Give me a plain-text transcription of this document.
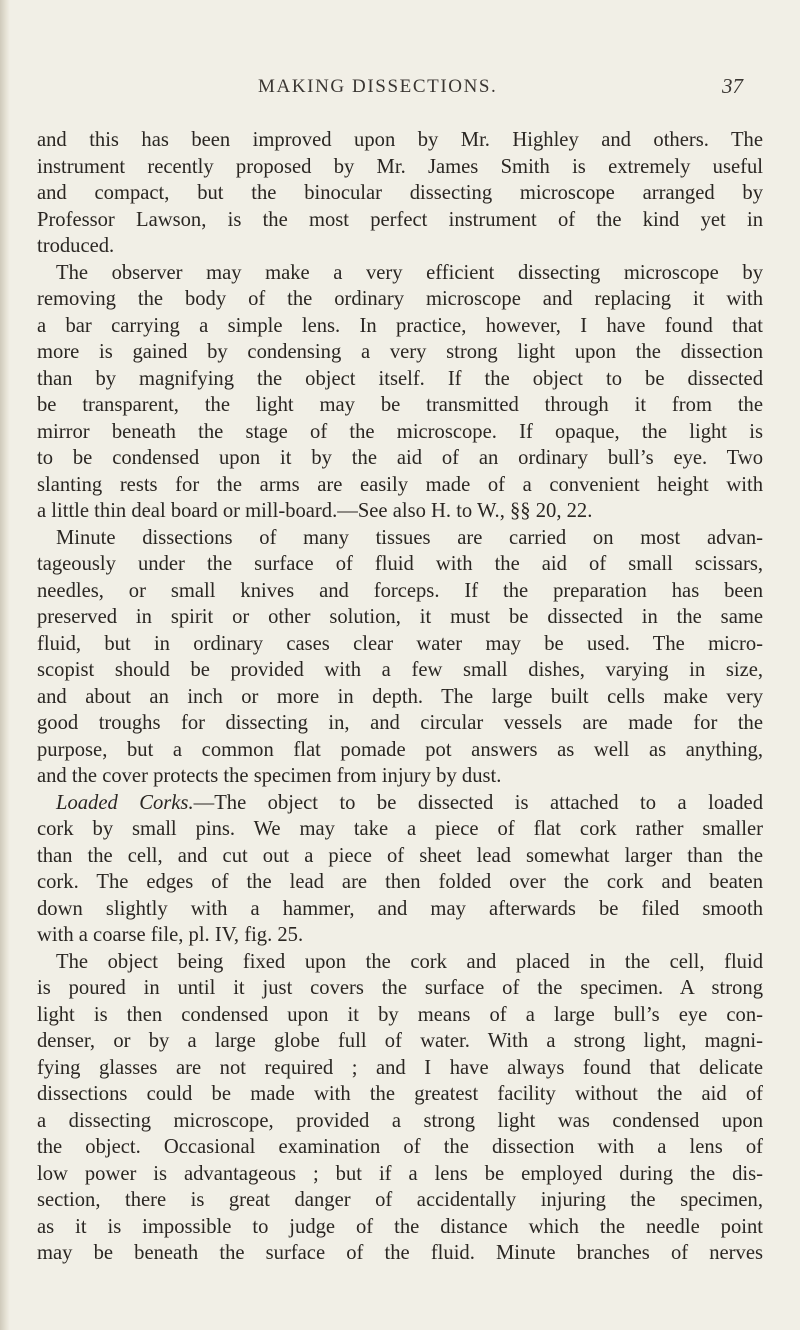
MAKING DISSECTIONS.	37
and this has been improved upon by Mr. Highley and others. The
instrument recently proposed by Mr. James Smith is extremely useful
and compact, but the binocular dissecting microscope arranged by
Professor Lawson, is the most perfect instrument of the kind yet in
troduced.
The observer may make a very efficient dissecting microscope by
removing the body of the ordinary microscope and replacing it with
a bar carrying a simple lens. In practice, however, I have found that
more is gained by condensing a very strong light upon the dissection
than by magnifying the object itself. If the object to be dissected
be transparent, the light may be transmitted through it from the
mirror beneath the stage of the microscope. If opaque, the light is
to be condensed upon it by the aid of an ordinary bull’s eye. Two
slanting rests for the arms are easily made of a convenient height with
a little thin deal board or mill-board.—See also H. to W., §§ 20, 22.
Minute dissections of many tissues are carried on most advan-
tageously under the surface of fluid with the aid of small scissars,
needles, or small knives and forceps. If the preparation has been
preserved in spirit or other solution, it must be dissected in the same
fluid, but in ordinary cases clear water may be used. The micro-
scopist should be provided with a few small dishes, varying in size,
and about an inch or more in depth. The large built cells make very
good troughs for dissecting in, and circular vessels are made for the
purpose, but a common flat pomade pot answers as well as anything,
and the cover protects the specimen from injury by dust.
Loaded Corks.—The object to be dissected is attached to a loaded
cork by small pins. We may take a piece of flat cork rather smaller
than the cell, and cut out a piece of sheet lead somewhat larger than the
cork. The edges of the lead are then folded over the cork and beaten
down slightly with a hammer, and may afterwards be filed smooth
with a coarse file, pl. IV, fig. 25.
The object being fixed upon the cork and placed in the cell, fluid
is poured in until it just covers the surface of the specimen. A strong
light is then condensed upon it by means of a large bull’s eye con-
denser, or by a large globe full of water. With a strong light, magni-
fying glasses are not required ; and I have always found that delicate
dissections could be made with the greatest facility without the aid of
a dissecting microscope, provided a strong light was condensed upon
the object. Occasional examination of the dissection with a lens of
low power is advantageous ; but if a lens be employed during the dis-
section, there is great danger of accidentally injuring the specimen,
as it is impossible to judge of the distance which the needle point
may be beneath the surface of the fluid. Minute branches of nerves
